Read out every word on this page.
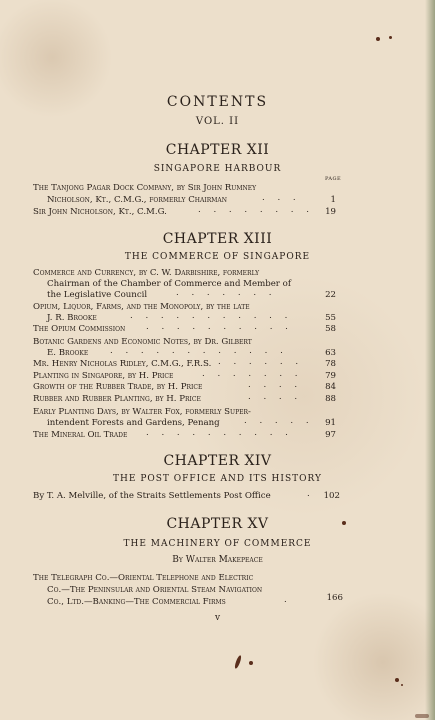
CONTENTS
VOL. II
CHAPTER XII
SINGAPORE HARBOUR
PAGE
The Tanjong Pagar Dock Company, by Sir John Rumney
Nicholson, Kt., C.M.G., formerly Chairman	. . .	1
Sir John Nicholson, Kt., C.M.G.	. . . . . . . .	19
CHAPTER XIII
THE COMMERCE OF SINGAPORE
Commerce and Currency, by C. W. Darbishire, formerly
Chairman of the Chamber of Commerce and Member of
the Legislative Council	. . . . . . .	22
Opium, Liquor, Farms, and the Monopoly, by the late
J. R. Brooke	. . . . . . . . . . .	55
The Opium Commission . . . . . . . . . .	58
Botanic Gardens and Economic Notes, by Dr. Gilbert
E. Brooke	. . . . . . . . . . . .	63
Mr. Henry Nicholas Ridley, C.M.G., F.R.S. . . . . . .	78
Planting in Singapore, by H. Price	. . . . . . .	79
Growth of the Rubber Trade, by H. Price	. . . .	84
Rubber and Rubber Planting, by H. Price	. . . .	88
Early Planting Days, by Walter Fox, formerly Super-
intendent Forests and Gardens, Penang	. . . . .	91
The Mineral Oil Trade . . . . . . . . . .	97
CHAPTER XIV
THE POST OFFICE AND ITS HISTORY
By T. A. Melville, of the Straits Settlements Post Office	.	102
CHAPTER XV
THE MACHINERY OF COMMERCE
By Walter Makepeace
The Telegraph Co.—Oriental Telephone and Electric
Co.—The Peninsular and Oriental Steam Navigation
Co., Ltd.—Banking—The Commercial Firms	.	166
v
